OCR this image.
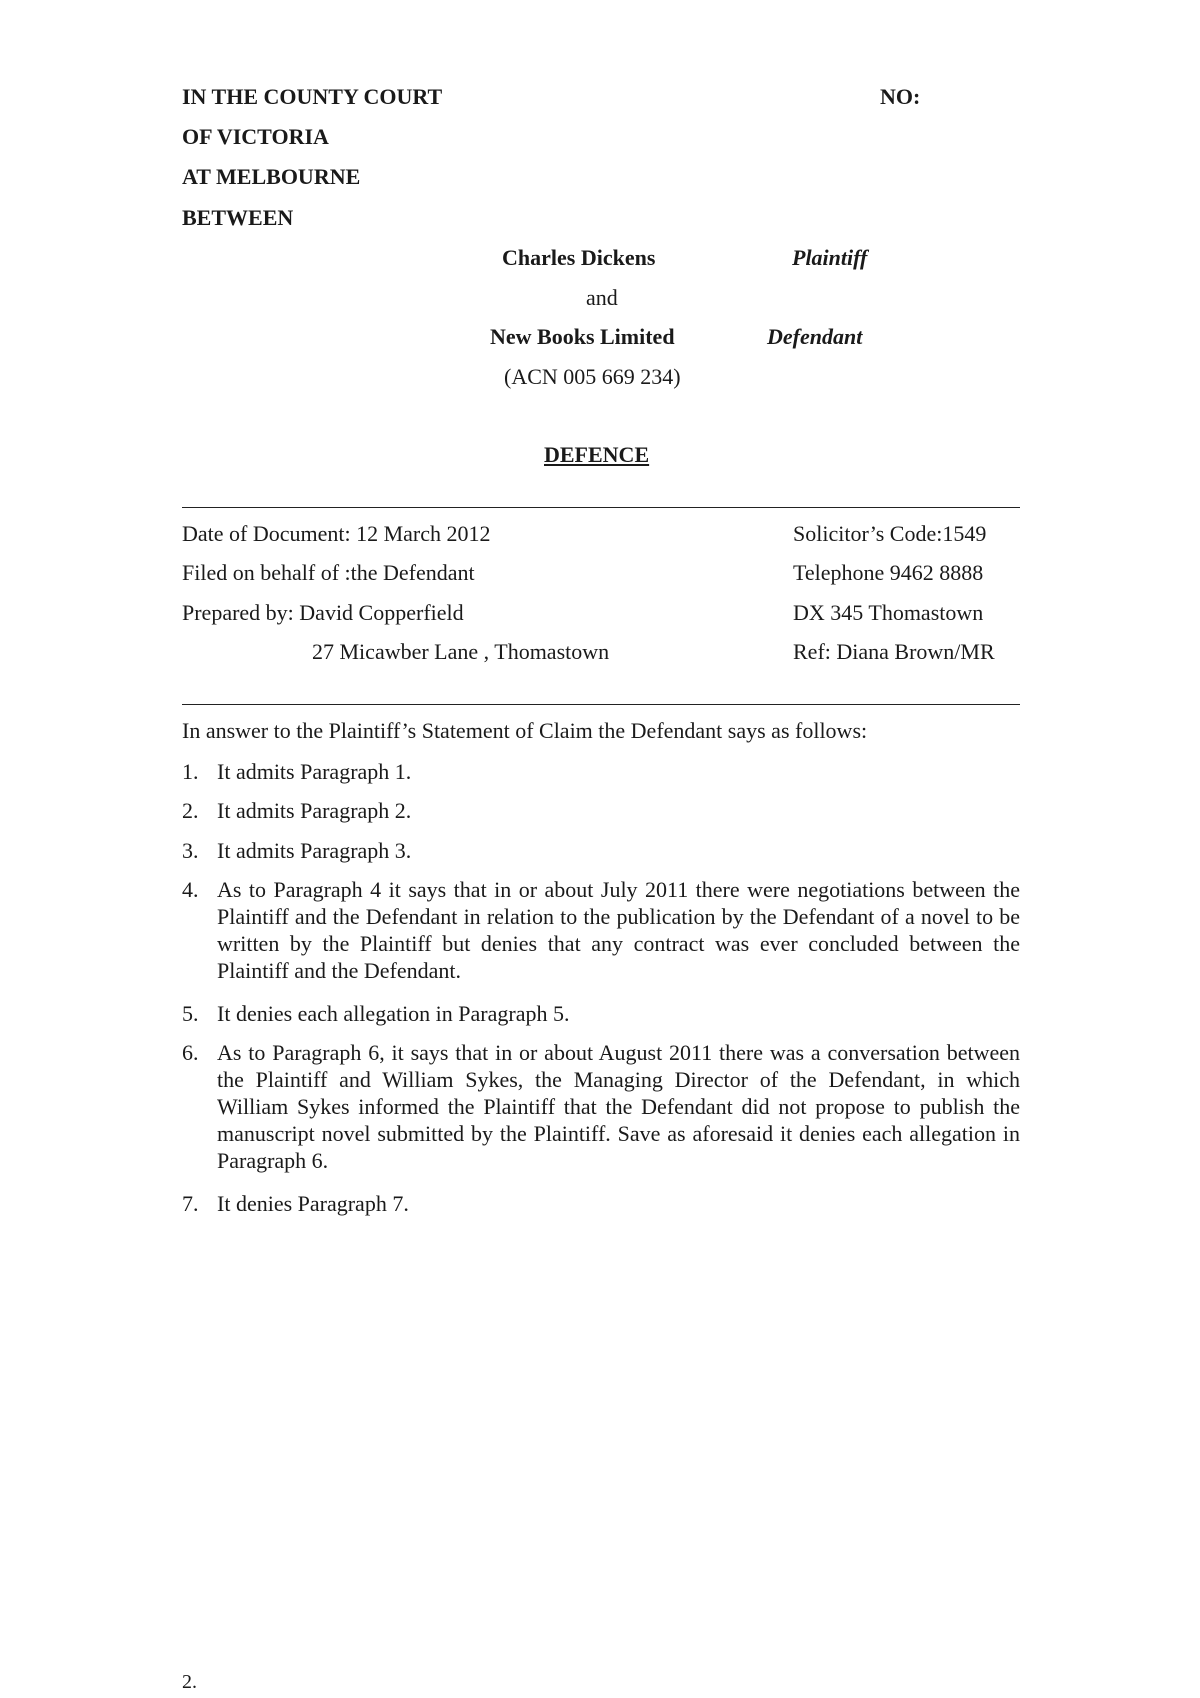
IN THE COUNTY COURT
OF VICTORIA
AT MELBOURNE
BETWEEN
NO:
Charles Dickens	Plaintiff
and
New Books Limited	Defendant
(ACN 005 669 234)
DEFENCE
Date of Document: 12 March 2012
Filed on behalf of :the Defendant
Prepared by: David Copperfield
27 Micawber Lane , Thomastown
Solicitor’s Code:1549
Telephone 9462 8888
DX 345 Thomastown
Ref: Diana Brown/MR
In answer to the Plaintiff’s Statement of Claim the Defendant says as follows:
1. It admits Paragraph 1.
2. It admits Paragraph 2.
3. It admits Paragraph 3.
4. As to Paragraph 4 it says that in or about July 2011 there were negotiations between the Plaintiff and the Defendant in relation to the publication by the Defendant of a novel to be written by the Plaintiff but denies that any contract was ever concluded between the Plaintiff and the Defendant.
5. It denies each allegation in Paragraph 5.
6. As to Paragraph 6, it says that in or about August 2011 there was a conversation between the Plaintiff and William Sykes, the Managing Director of the Defendant, in which William Sykes informed the Plaintiff that the Defendant did not propose to publish the manuscript novel submitted by the Plaintiff. Save as aforesaid it denies each allegation in Paragraph 6.
7. It denies Paragraph 7.
2.
